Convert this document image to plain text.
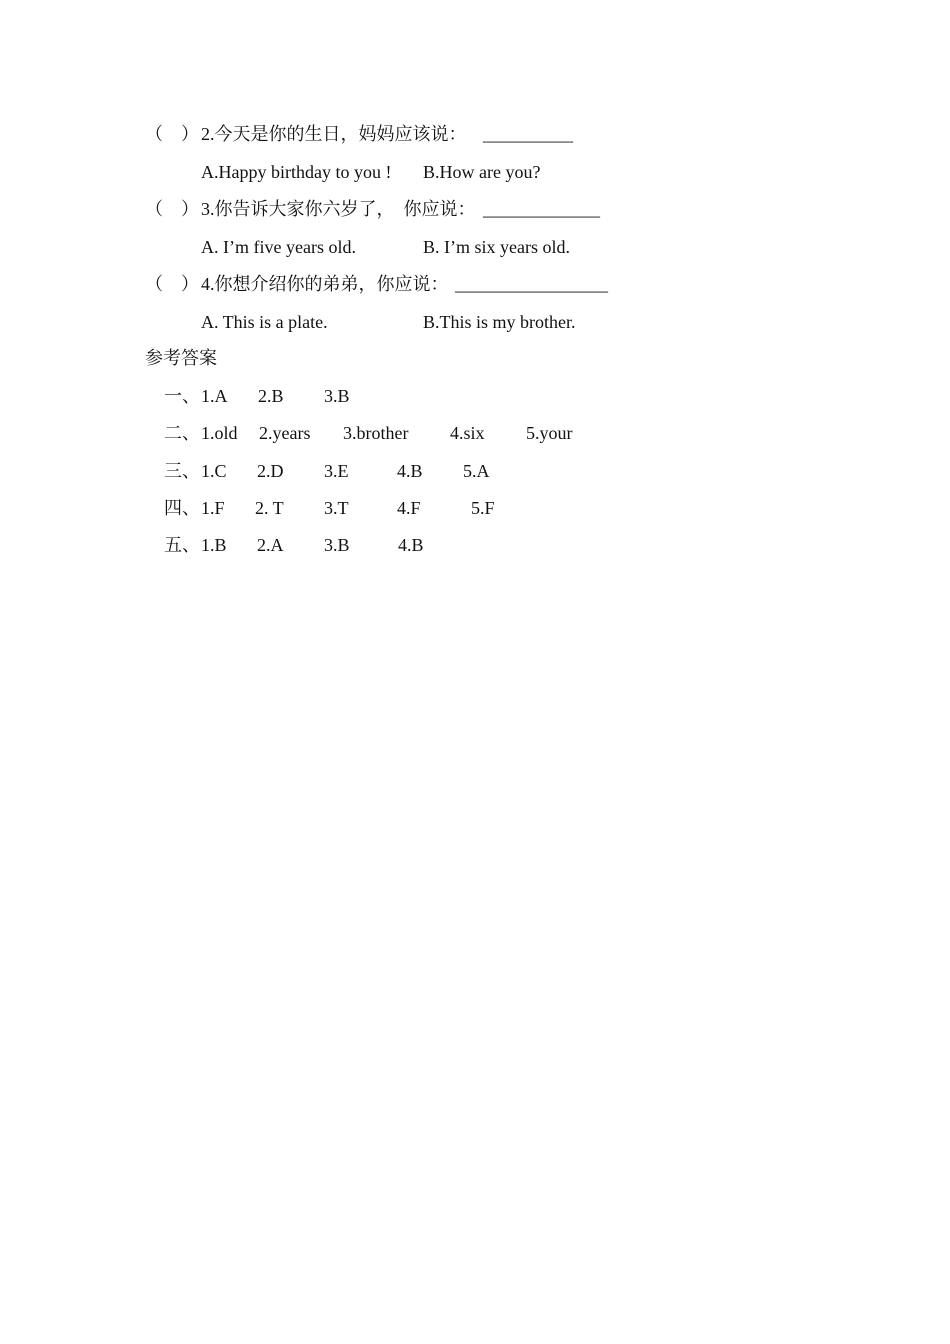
（　） 2.今天是你的生日，妈妈应该说： __________
A.Happy birthday to you ! B.How are you?
（　） 3.你告诉大家你六岁了，　你应说： _____________
A. I’m five years old.	B. I’m six years old.
（　） 4.你想介绍你的弟弟，你应说： _________________
A. This is a plate.	B.This is my brother.
参考答案
一、 1.A 2.B 3.B
二、 1.old 2.years 3.brother 4.six 5.your
三、 1.C 2.D 3.E	4.B 5.A
四、 1.F 2. T 3.T	4.F	5.F
五、 1.B 2.A 3.B	4.B
